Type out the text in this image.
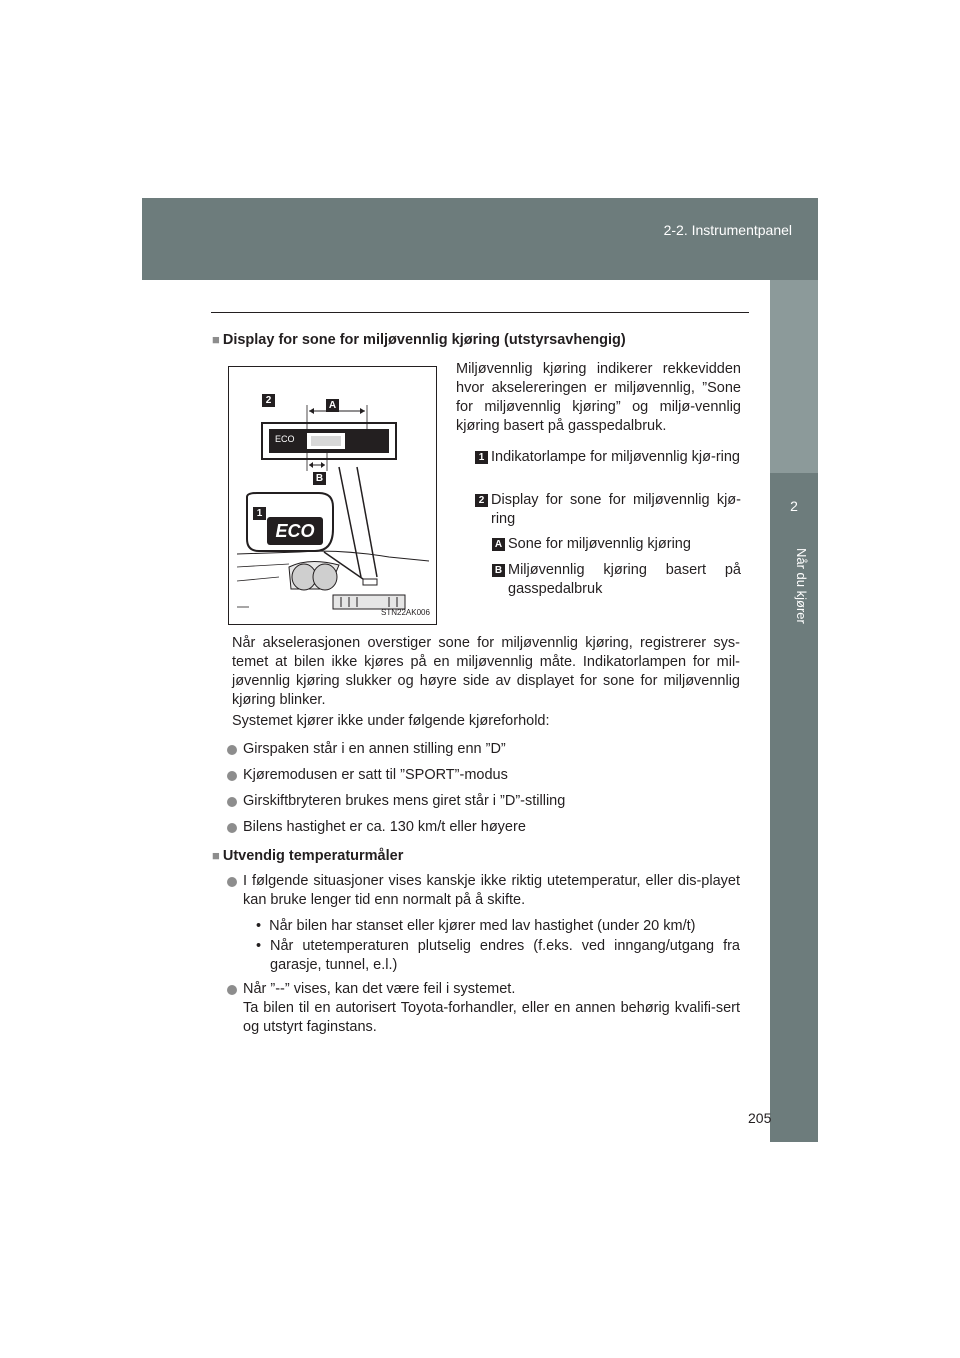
2-2. Instrumentpanel
2
Når du kjører
■ Display for sone for miljøvennlig kjøring (utstyrsavhengig)
2	A
B
1
ECO
ECO
STN22AK006
Miljøvennlig kjøring indikerer rekkevidden hvor akselereringen er miljøvennlig, ”Sone for miljøvennlig kjøring” og miljø-vennlig kjøring basert på gasspedalbruk.
1 Indikatorlampe for miljøvennlig kjø-ring
2 Display for sone for miljøvennlig kjø-ring
A Sone for miljøvennlig kjøring
B Miljøvennlig kjøring basert på gasspedalbruk
Når akselerasjonen overstiger sone for miljøvennlig kjøring, registrerer sys-temet at bilen ikke kjøres på en miljøvennlig måte. Indikatorlampen for mil-jøvennlig kjøring slukker og høyre side av displayet for sone for miljøvennlig kjøring blinker.
Systemet kjører ikke under følgende kjøreforhold:
Girspaken står i en annen stilling enn ”D”
Kjøremodusen er satt til ”SPORT”-modus
Girskiftbryteren brukes mens giret står i ”D”-stilling
Bilens hastighet er ca. 130 km/t eller høyere
■ Utvendig temperaturmåler
I følgende situasjoner vises kanskje ikke riktig utetemperatur, eller dis-playet kan bruke lenger tid enn normalt på å skifte.
•  Når bilen har stanset eller kjører med lav hastighet (under 20 km/t)
• Når utetemperaturen plutselig endres (f.eks. ved inngang/utgang fra garasje, tunnel, e.l.)
Når ”--” vises, kan det være feil i systemet.
Ta bilen til en autorisert Toyota-forhandler, eller en annen behørig kvalifi-sert og utstyrt faginstans.
205
